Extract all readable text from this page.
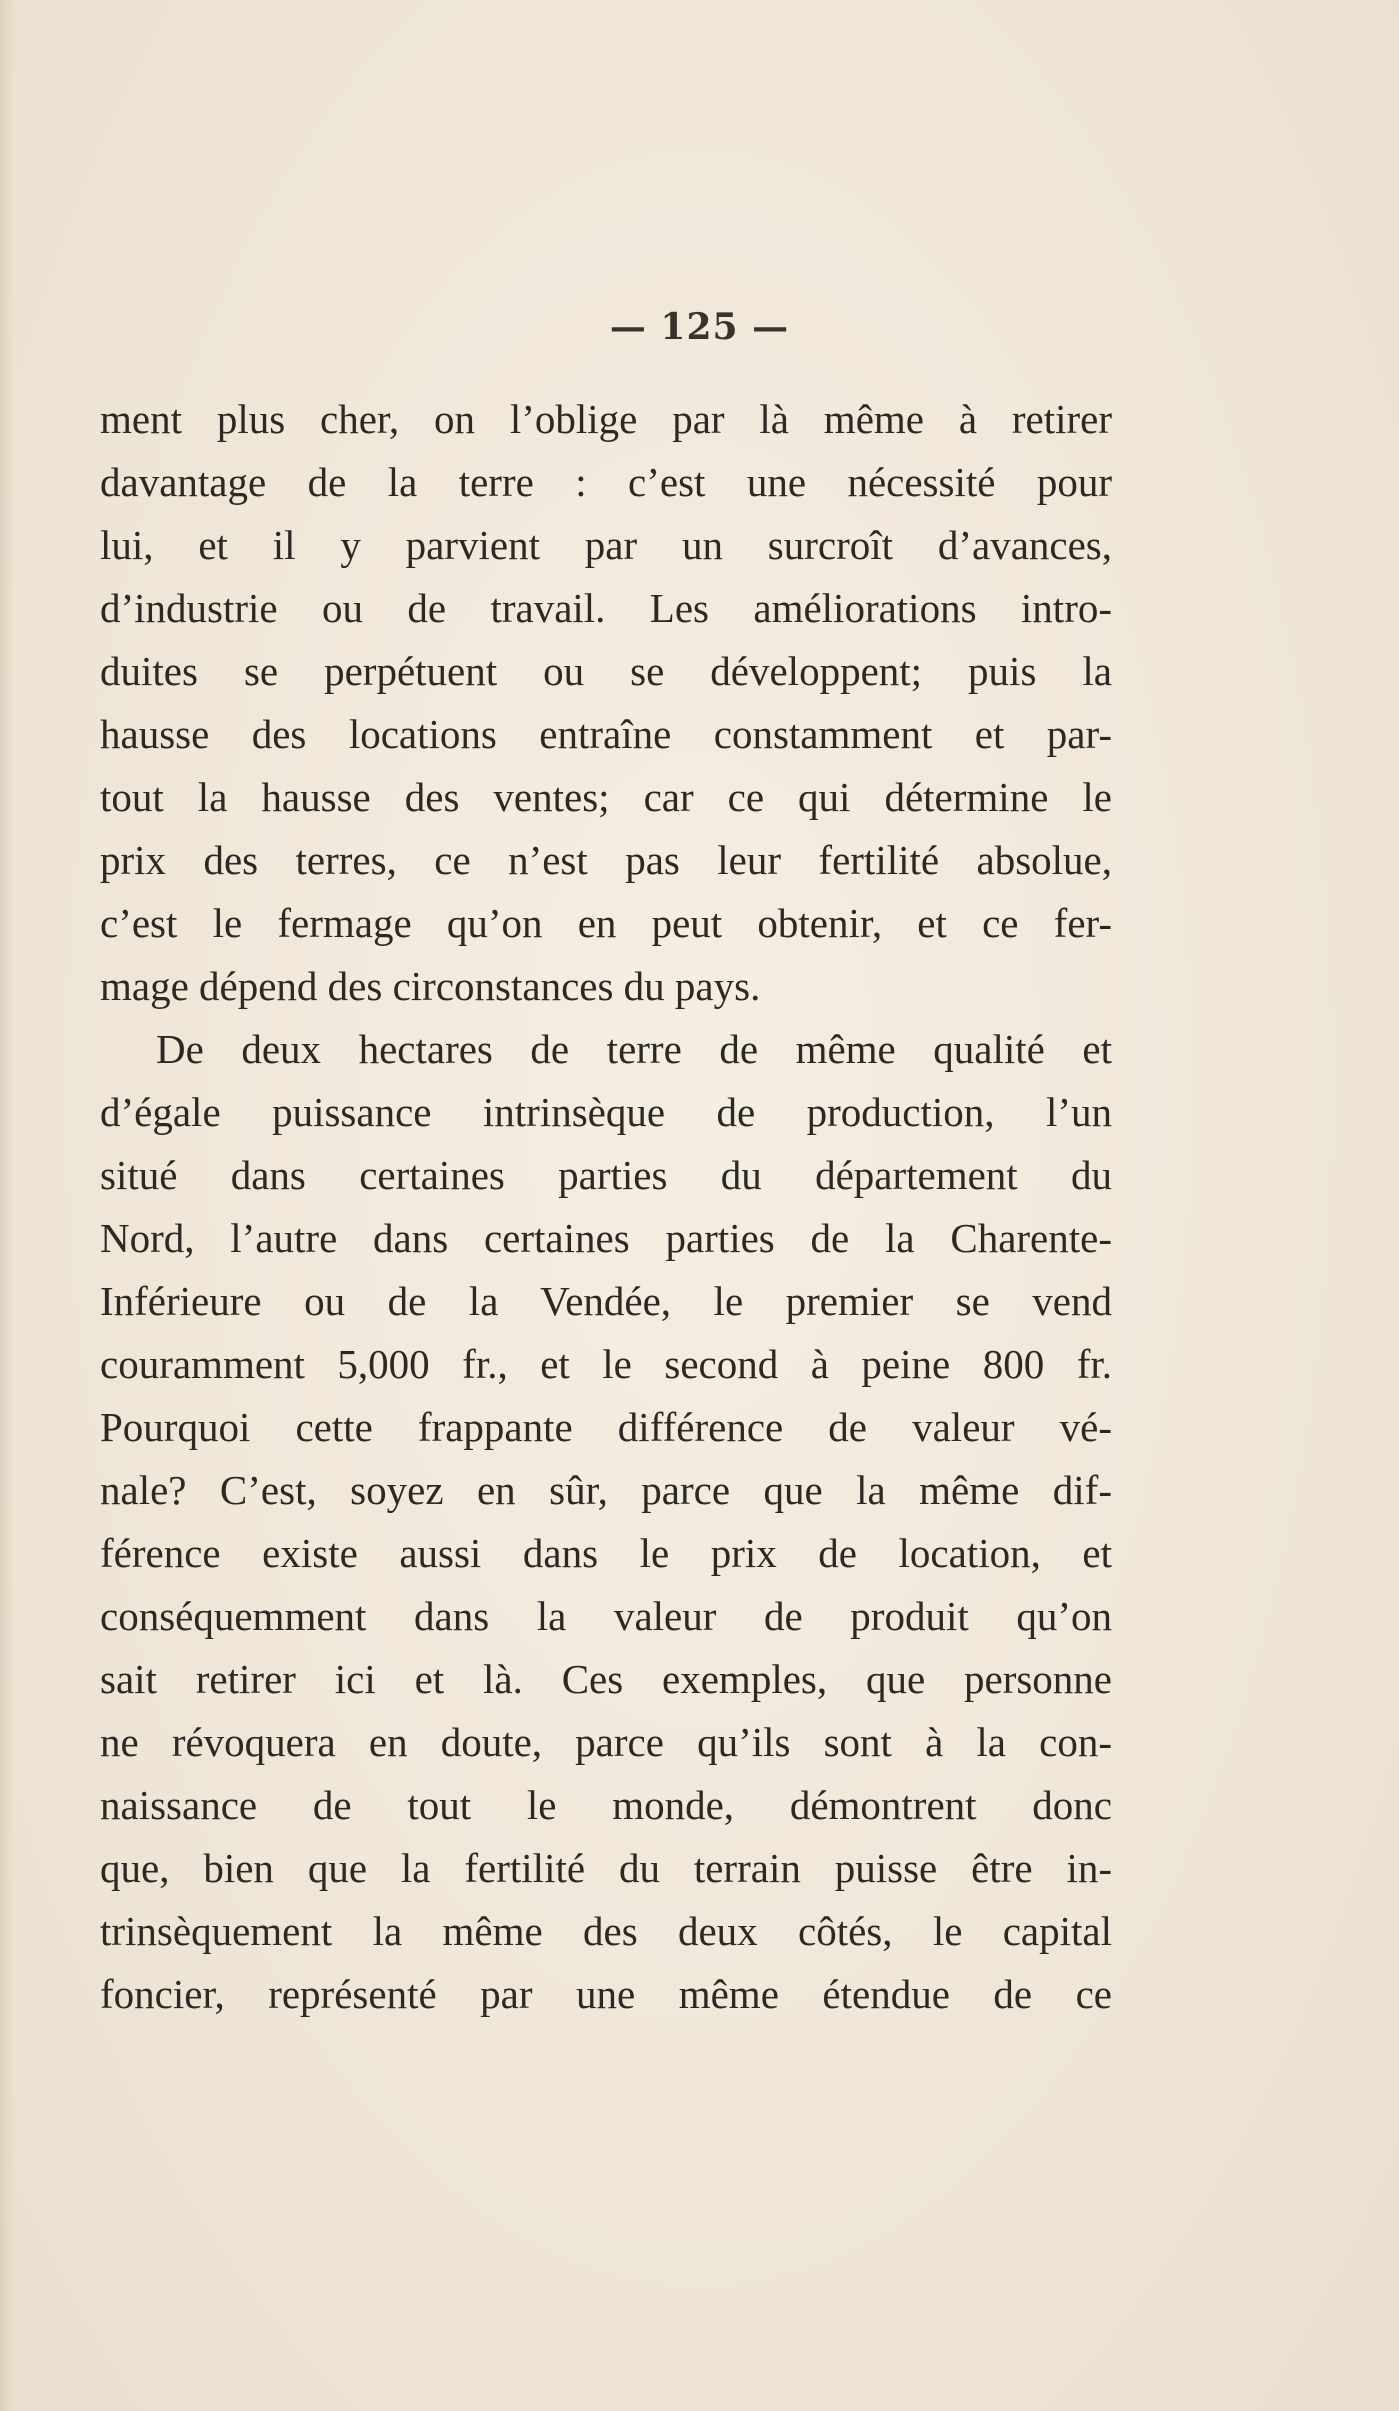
— 125 —
ment plus cher, on l’oblige par là même à retirer
davantage de la terre : c’est une nécessité pour
lui, et il y parvient par un surcroît d’avances,
d’industrie ou de travail. Les améliorations intro-
duites se perpétuent ou se développent; puis la
hausse des locations entraîne constamment et par-
tout la hausse des ventes; car ce qui détermine le
prix des terres, ce n’est pas leur fertilité absolue,
c’est le fermage qu’on en peut obtenir, et ce fer-
mage dépend des circonstances du pays.
De deux hectares de terre de même qualité et
d’égale puissance intrinsèque de production, l’un
situé dans certaines parties du département du
Nord, l’autre dans certaines parties de la Charente-
Inférieure ou de la Vendée, le premier se vend
couramment 5,000 fr., et le second à peine 800 fr.
Pourquoi cette frappante différence de valeur vé-
nale? C’est, soyez en sûr, parce que la même dif-
férence existe aussi dans le prix de location, et
conséquemment dans la valeur de produit qu’on
sait retirer ici et là. Ces exemples, que personne
ne révoquera en doute, parce qu’ils sont à la con-
naissance de tout le monde, démontrent donc
que, bien que la fertilité du terrain puisse être in-
trinsèquement la même des deux côtés, le capital
foncier, représenté par une même étendue de ce
